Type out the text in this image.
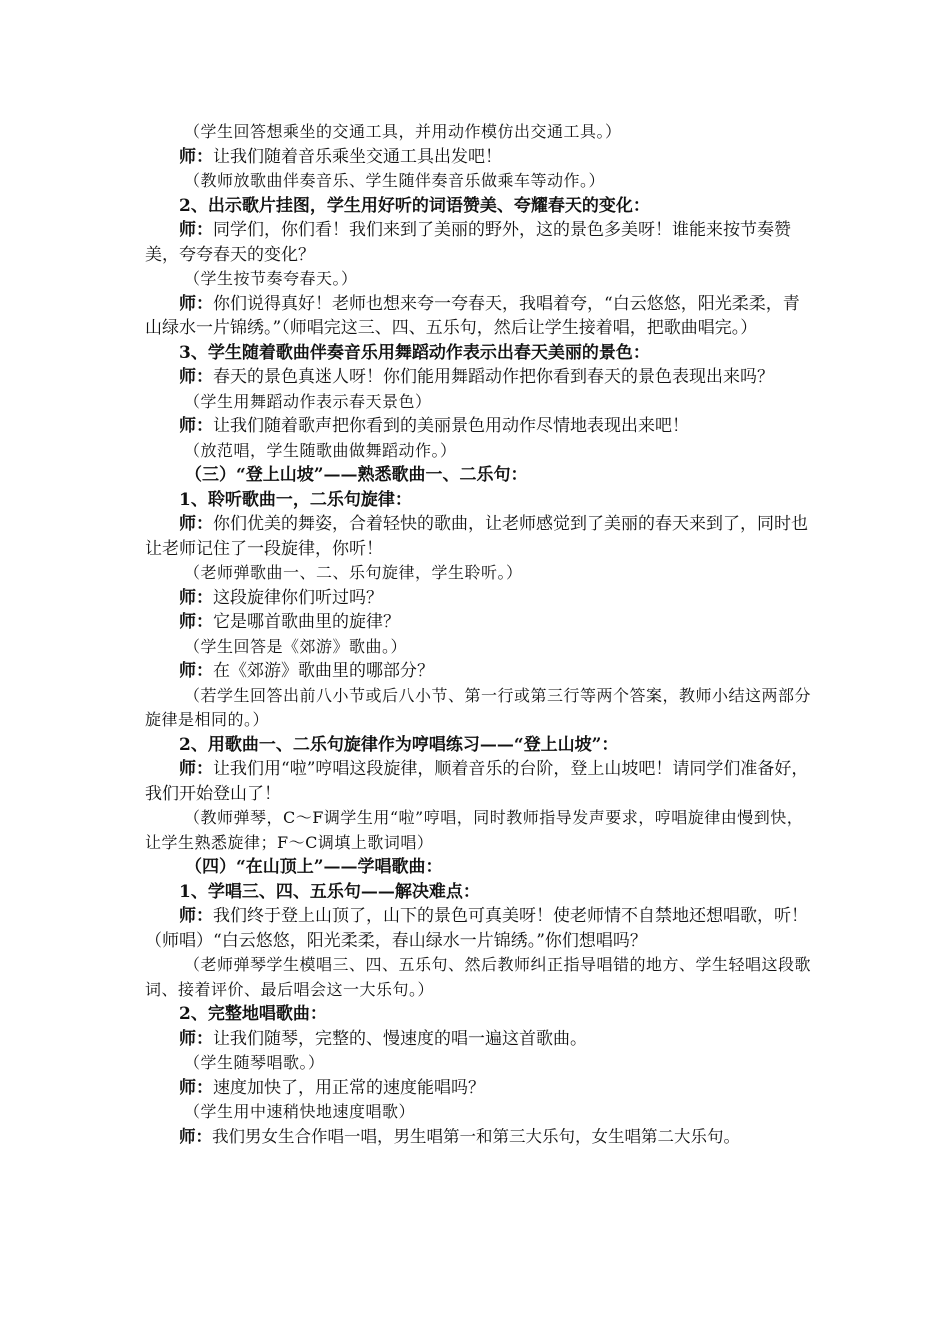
（学生回答想乘坐的交通工具，并用动作模仿出交通工具。）
师：让我们随着音乐乘坐交通工具出发吧！
（教师放歌曲伴奏音乐、学生随伴奏音乐做乘车等动作。）
2、出示歌片挂图，学生用好听的词语赞美、夸耀春天的变化：
师：同学们，你们看！我们来到了美丽的野外，这的景色多美呀！谁能来按节奏赞美，夸夸春天的变化？
（学生按节奏夸春天。）
师：你们说得真好！老师也想来夸一夸春天，我唱着夸，“白云悠悠，阳光柔柔，青山绿水一片锦绣。”（师唱完这三、四、五乐句，然后让学生接着唱，把歌曲唱完。）
3、学生随着歌曲伴奏音乐用舞蹈动作表示出春天美丽的景色：
师：春天的景色真迷人呀！你们能用舞蹈动作把你看到春天的景色表现出来吗？
（学生用舞蹈动作表示春天景色）
师：让我们随着歌声把你看到的美丽景色用动作尽情地表现出来吧！
（放范唱，学生随歌曲做舞蹈动作。）
（三）“登上山坡”——熟悉歌曲一、二乐句：
1、聆听歌曲一，二乐句旋律：
师：你们优美的舞姿，合着轻快的歌曲，让老师感觉到了美丽的春天来到了，同时也让老师记住了一段旋律，你听！
（老师弹歌曲一、二、乐句旋律，学生聆听。）
师：这段旋律你们听过吗？
师：它是哪首歌曲里的旋律？
（学生回答是《郊游》歌曲。）
师：在《郊游》歌曲里的哪部分？
（若学生回答出前八小节或后八小节、第一行或第三行等两个答案，教师小结这两部分旋律是相同的。）
2、用歌曲一、二乐句旋律作为哼唱练习——“登上山坡”：
师：让我们用“啦”哼唱这段旋律，顺着音乐的台阶，登上山坡吧！请同学们准备好，我们开始登山了！
（教师弹琴，C～F调学生用“啦”哼唱，同时教师指导发声要求，哼唱旋律由慢到快，让学生熟悉旋律；F～C调填上歌词唱）
（四）“在山顶上”——学唱歌曲：
1、学唱三、四、五乐句——解决难点：
师：我们终于登上山顶了，山下的景色可真美呀！使老师情不自禁地还想唱歌，听！（师唱）“白云悠悠，阳光柔柔，春山绿水一片锦绣。”你们想唱吗？
（老师弹琴学生模唱三、四、五乐句、然后教师纠正指导唱错的地方、学生轻唱这段歌词、接着评价、最后唱会这一大乐句。）
2、完整地唱歌曲：
师：让我们随琴，完整的、慢速度的唱一遍这首歌曲。
（学生随琴唱歌。）
师：速度加快了，用正常的速度能唱吗？
（学生用中速稍快地速度唱歌）
师：我们男女生合作唱一唱，男生唱第一和第三大乐句，女生唱第二大乐句。
